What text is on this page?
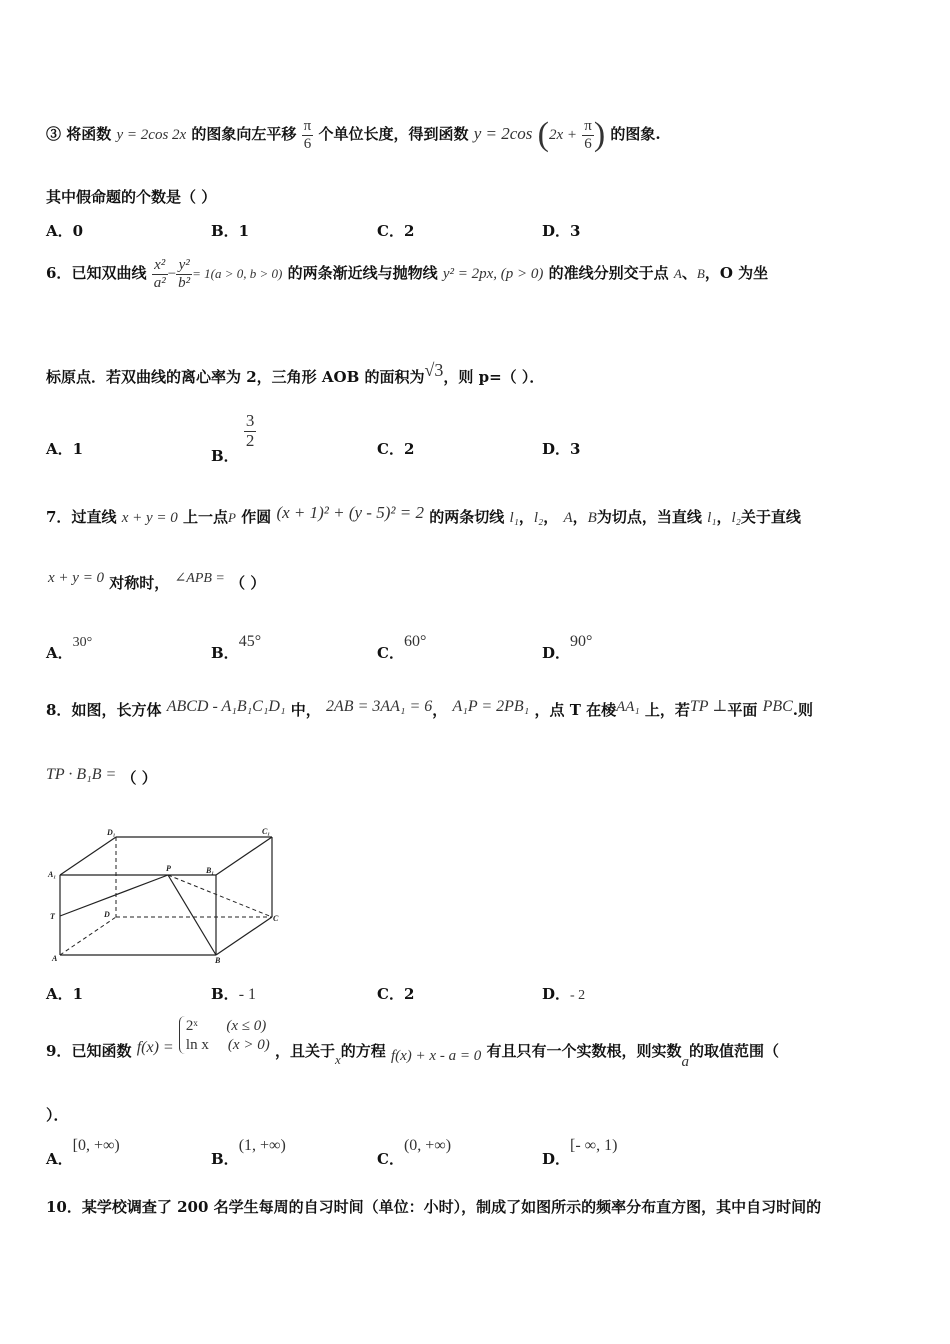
③ 将函数 y = 2cos 2x 的图象向左平移 $\frac{\pi}{6}$ 个单位长度，得到函数 y = 2cos ($2x + \frac{\pi}{6}$ ) 的图象.
其中假命题的个数是（ ）
A．0	B．1	C．2	D．3
6．已知双曲线 $\frac{\text{x²}}{\text{a²}} - \frac{\text{y²}}{\text{b²}} = 1(a > 0$, b > 0) 的两条渐近线与抛物线 y² = 2px, (p > 0) 的准线分别交于点 A、B，O 为坐
标原点．若双曲线的离心率为 2，三角形 AOB 的面积为√3，则 p=（ ）．
A．1	B．
$\frac{3}{2}$	C．2	D．3
7．过直线 x + y = 0 上一点P 作圆 (x + 1)² + (y - 5)² = 2 的两条切线 l₁，l₂， A，B为切点，当直线 l₁，l₂关于直线
x + y = 0 对称时， ∠APB = （ ）
A．30°
B．45°
C．60°
D．90°
8．如图，长方体 ABCD - A₁B₁C₁D₁ 中， 2AB = 3AA₁ = 6， A₁P = 2PB₁ ，点 T 在棱AA₁ 上，若TP ⊥平面 PBC.则
TP · B₁B = （ ）
D₁	C₁
A₁
P	B₁
T	D	C
A	B
A．1	B．- 1	C．2	D．- 2
9．已知函数 f(x) =
2ˣ (x ≤ 0)
ln x (x > 0) ，且关于x的方程 f(x) + x - a = 0 有且只有一个实数根，则实数a的取值范围（
）．
A．[0, +∞)
B．(1, +∞)
C．(0, +∞)
D．[- ∞, 1)
10．某学校调查了 200 名学生每周的自习时间（单位：小时），制成了如图所示的频率分布直方图，其中自习时间的
